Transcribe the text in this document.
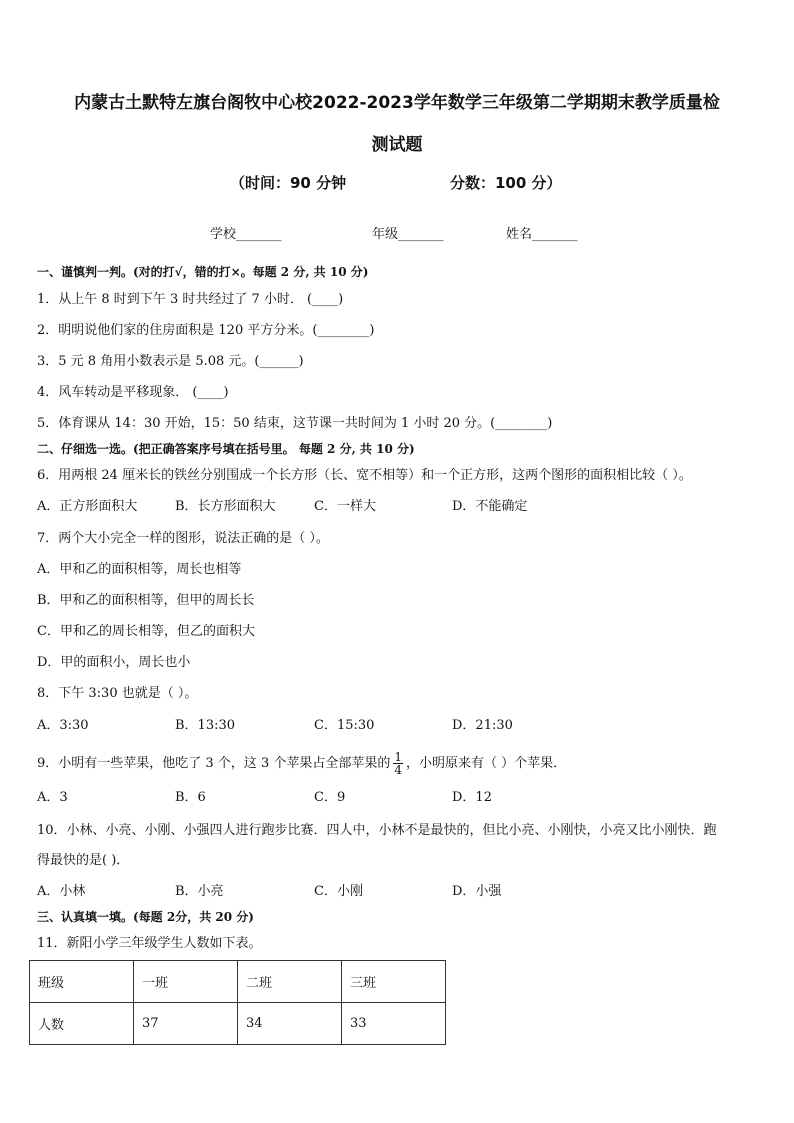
内蒙古土默特左旗台阁牧中心校2022-2023学年数学三年级第二学期期末教学质量检
测试题
（时间：90 分钟	分数：100 分）
学校_______	年级_______	姓名_______
一、谨慎判一判。(对的打√，错的打×。每题 2 分, 共 10 分)
1．从上午 8 时到下午 3 时共经过了 7 小时． (____)
2．明明说他们家的住房面积是 120 平方分米。(________)
3．5 元 8 角用小数表示是 5.08 元。(______)
4．风车转动是平移现象． (____)
5．体育课从 14：30 开始，15：50 结束，这节课一共时间为 1 小时 20 分。(________)
二、仔细选一选。(把正确答案序号填在括号里。 每题 2 分, 共 10 分)
6．用两根 24 厘米长的铁丝分别围成一个长方形（长、宽不相等）和一个正方形，这两个图形的面积相比较（ ）。
A．正方形面积大	B．长方形面积大	C．一样大	D．不能确定
7．两个大小完全一样的图形，说法正确的是（ ）。
A．甲和乙的面积相等，周长也相等
B．甲和乙的面积相等，但甲的周长长
C．甲和乙的周长相等，但乙的面积大
D．甲的面积小，周长也小
8．下午 3:30 也就是（ ）。
A．3:30	B．13:30	C．15:30	D．21:30
9．小明有一些苹果，他吃了 3 个，这 3 个苹果占全部苹果的 $\frac{1}{4}$ ，小明原来有（ ）个苹果．
A．3	B．6	C．9	D．12
10．小林、小亮、小刚、小强四人进行跑步比赛．四人中，小林不是最快的，但比小亮、小刚快，小亮又比小刚快．跑
得最快的是( )．
A．小林	B．小亮	C．小刚	D．小强
三、认真填一填。(每题 2分，共 20 分)
11．新阳小学三年级学生人数如下表。
班级	一班	二班	三班
人数	37	34	33
